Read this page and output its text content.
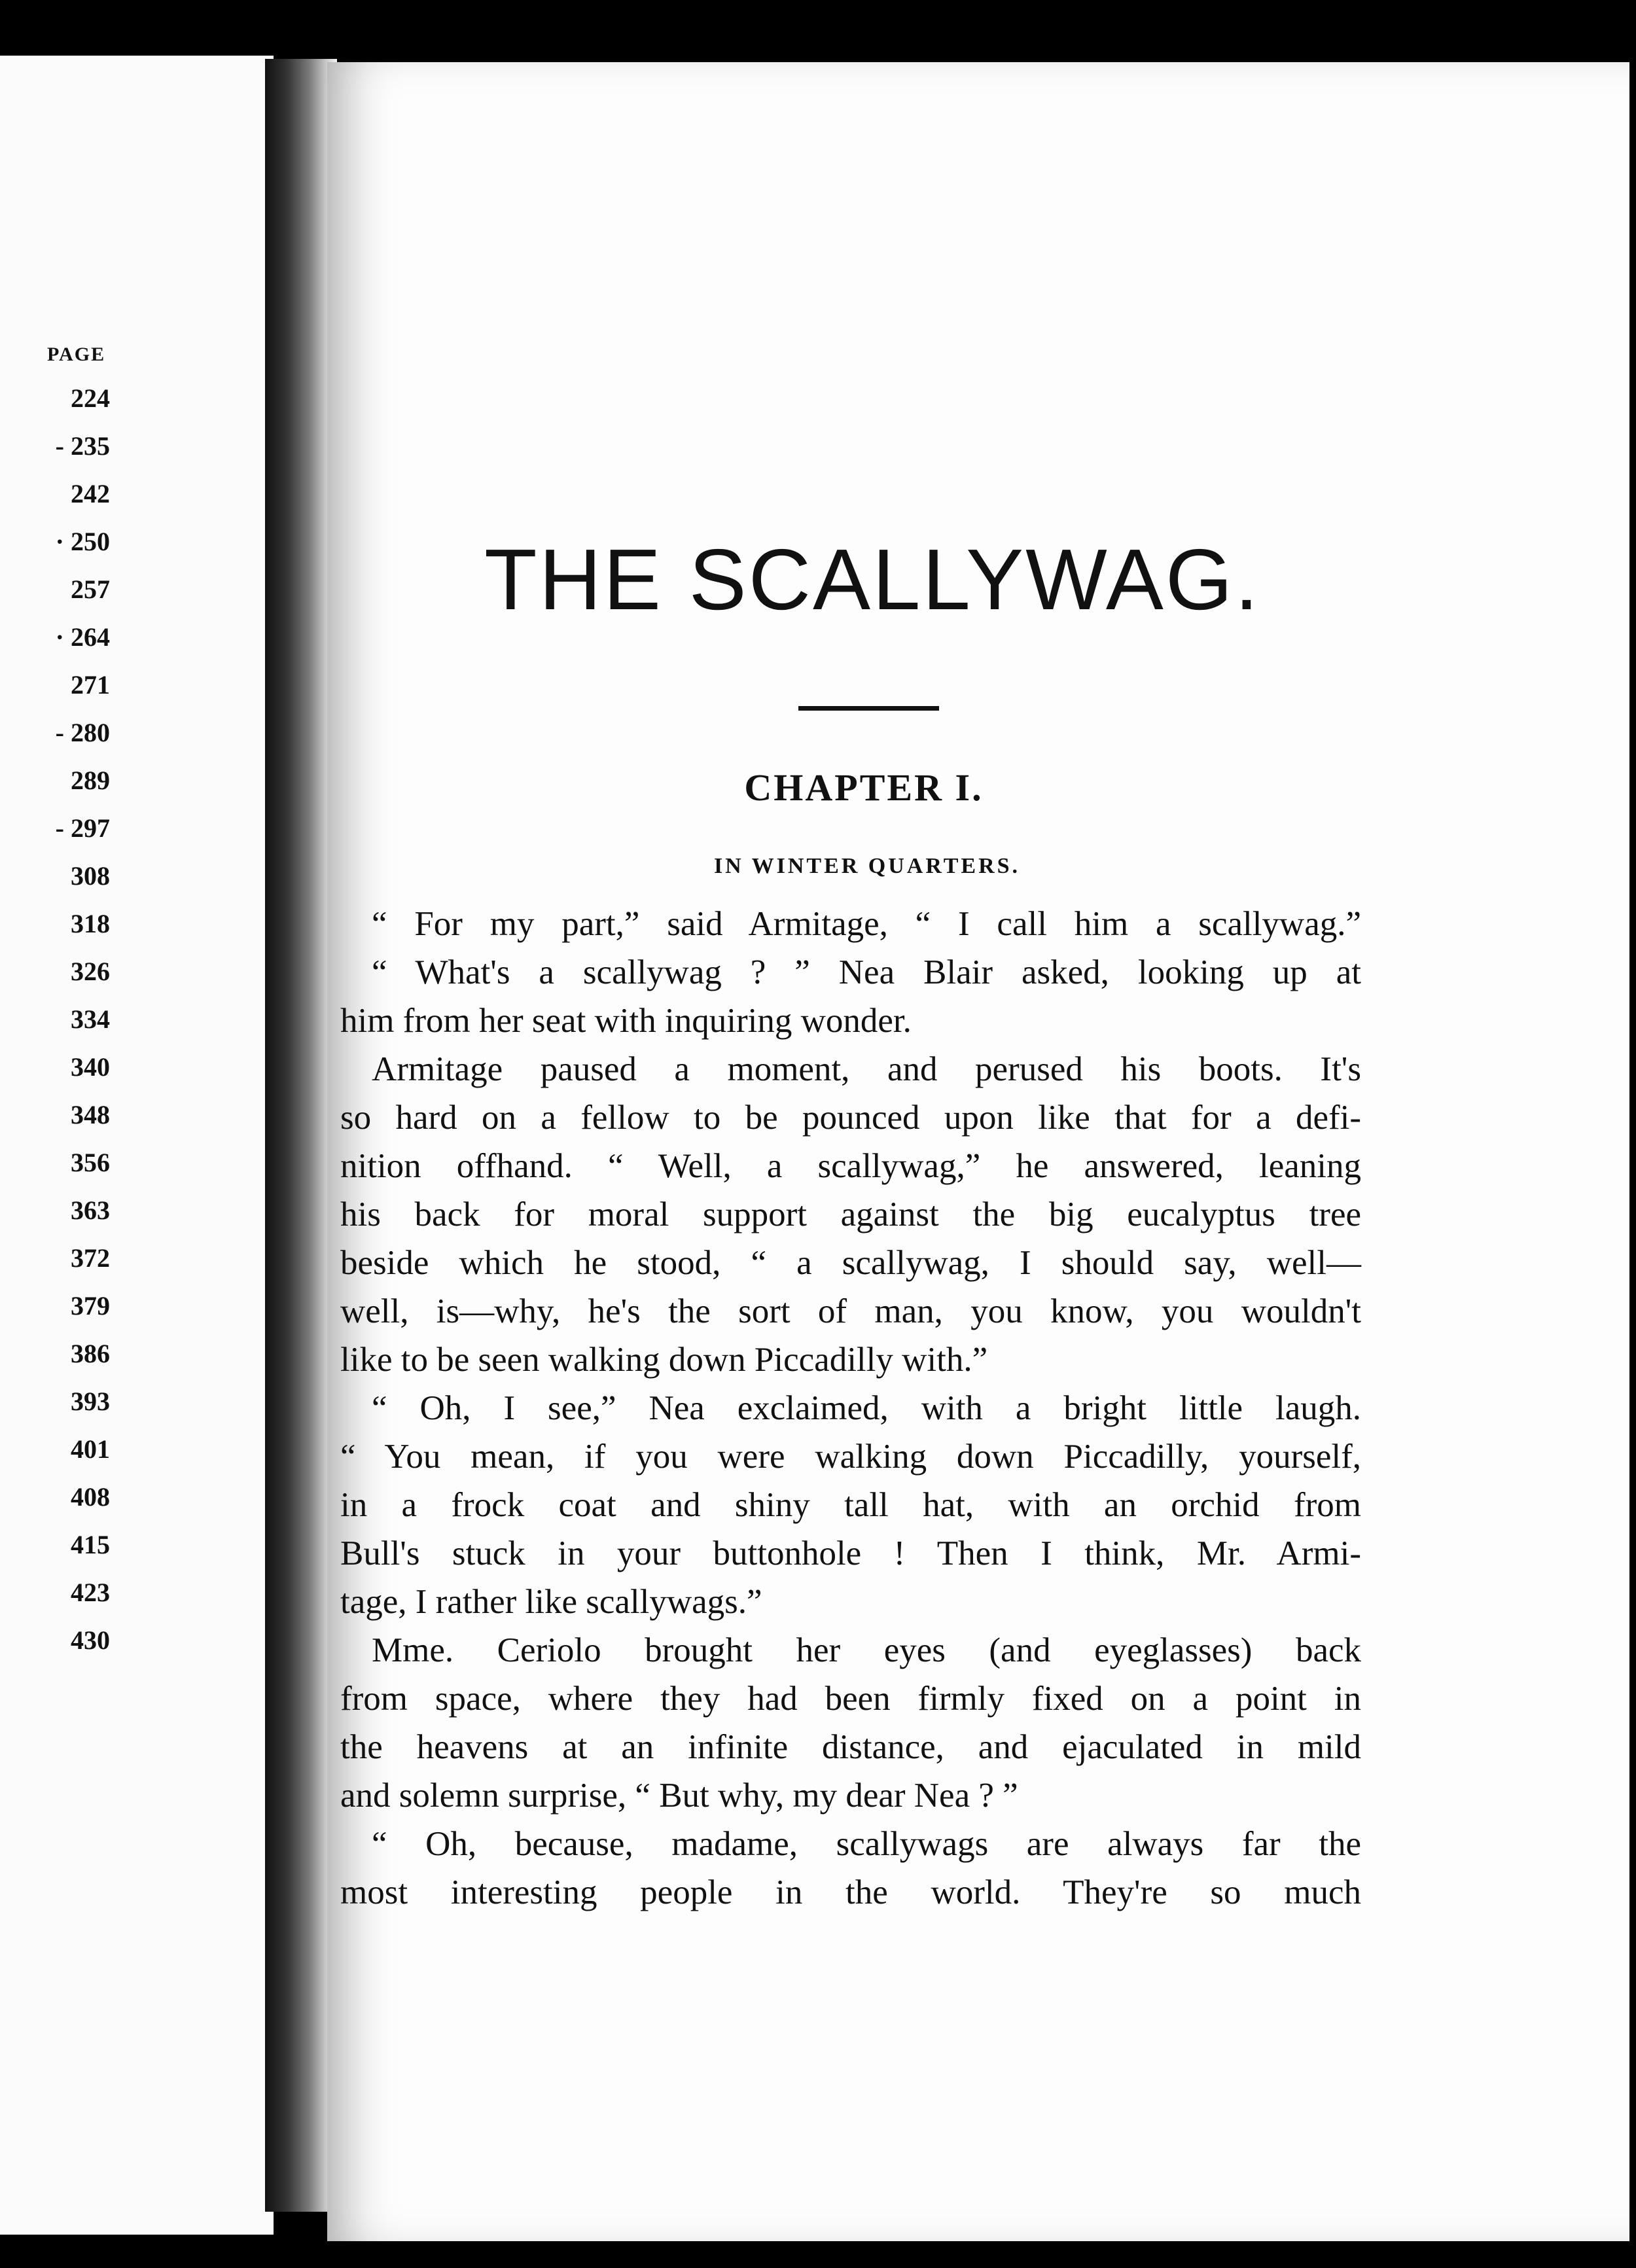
PAGE

224
- 235
242
· 250
257
· 264
271
- 280
289
- 297
308
318
326
334
340
348
356
363
372
379
386
393
401
408
415
423
430
THE SCALLYWAG.
CHAPTER I.

IN WINTER QUARTERS.

“ For my part,” said Armitage, “ I call him a scallywag.”
“ What's a scallywag ? ” Nea Blair asked, looking up at
him from her seat with inquiring wonder.
Armitage paused a moment, and perused his boots. It's
so hard on a fellow to be pounced upon like that for a defi-
nition offhand. “ Well, a scallywag,” he answered, leaning
his back for moral support against the big eucalyptus tree
beside which he stood, “ a scallywag, I should say, well—
well, is—why, he's the sort of man, you know, you wouldn't
like to be seen walking down Piccadilly with.”
“ Oh, I see,” Nea exclaimed, with a bright little laugh.
“ You mean, if you were walking down Piccadilly, yourself,
in a frock coat and shiny tall hat, with an orchid from
Bull's stuck in your buttonhole ! Then I think, Mr. Armi-
tage, I rather like scallywags.”
Mme. Ceriolo brought her eyes (and eyeglasses) back
from space, where they had been firmly fixed on a point in
the heavens at an infinite distance, and ejaculated in mild
and solemn surprise, “ But why, my dear Nea ? ”
“ Oh, because, madame, scallywags are always far the
most interesting people in the world. They're so much
